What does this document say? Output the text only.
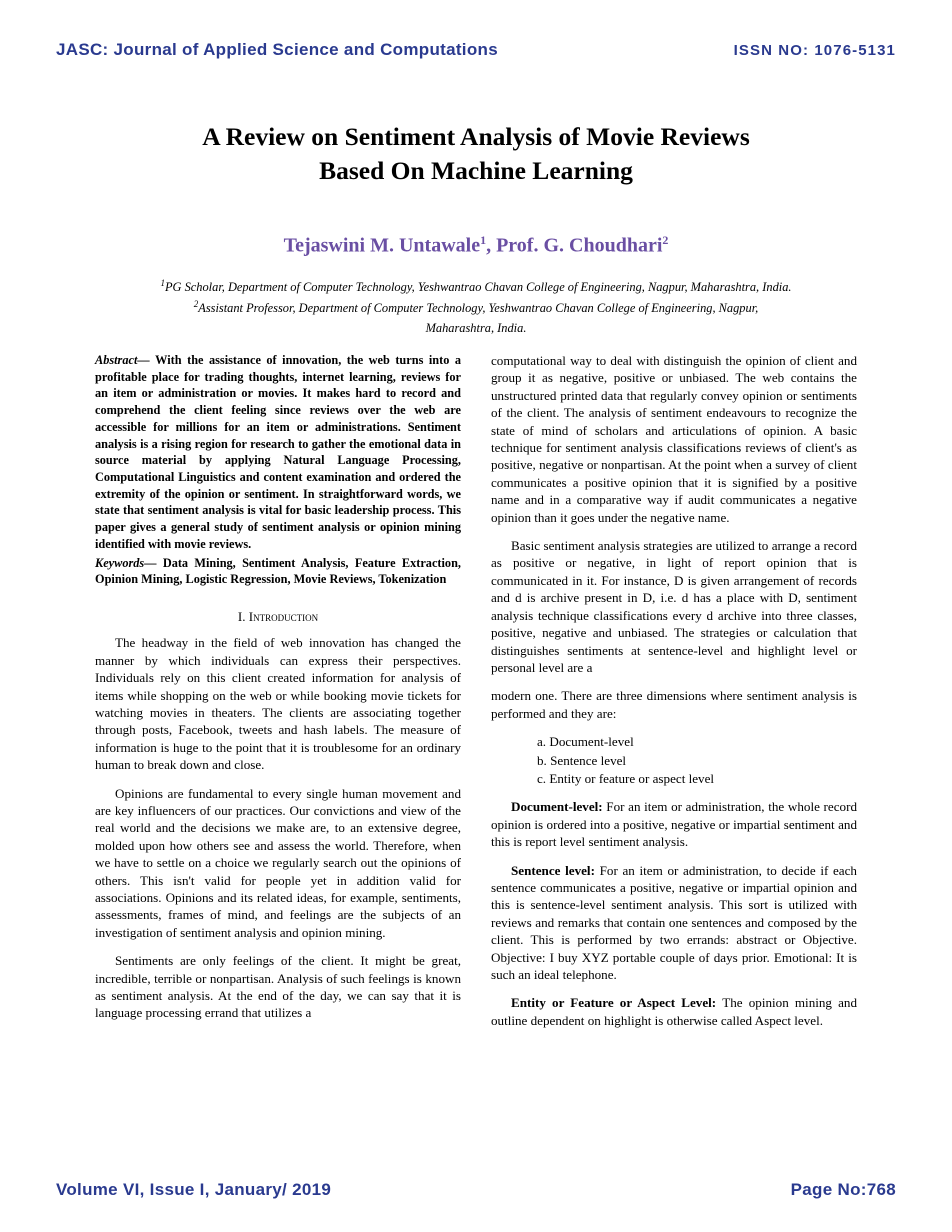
JASC: Journal of Applied Science and Computations	ISSN NO: 1076-5131
A Review on Sentiment Analysis of Movie Reviews
Based On Machine Learning
Tejaswini M. Untawale$^1$, Prof. G. Choudhari$^2$
$^1$PG Scholar, Department of Computer Technology, Yeshwantrao Chavan College of Engineering, Nagpur, Maharashtra, India.
$^2$Assistant Professor, Department of Computer Technology, Yeshwantrao Chavan College of Engineering, Nagpur,
Maharashtra, India.

Abstract— With the assistance of innovation, the web turns into a profitable place for trading thoughts, internet learning, reviews for an item or administration or movies. It makes hard to record and comprehend the client feeling since reviews over the web are accessible for millions for an item or administrations. Sentiment analysis is a rising region for research to gather the emotional data in source material by applying Natural Language Processing, Computational Linguistics and content examination and ordered the extremity of the opinion or sentiment. In straightforward words, we state that sentiment analysis is vital for basic leadership process. This paper gives a general study of sentiment analysis or opinion mining identified with movie reviews.

Keywords— Data Mining, Sentiment Analysis, Feature Extraction, Opinion Mining, Logistic Regression, Movie Reviews, Tokenization

I. Introduction

The headway in the field of web innovation has changed the manner by which individuals can express their perspectives. Individuals rely on this client created information for analysis of items while shopping on the web or while booking movie tickets for watching movies in theaters. The clients are associating together through posts, Facebook, tweets and hash labels. The measure of information is huge to the point that it is troublesome for an ordinary human to break down and close.

Opinions are fundamental to every single human movement and are key influencers of our practices. Our convictions and view of the real world and the decisions we make are, to an extensive degree, molded upon how others see and assess the world. Therefore, when we have to settle on a choice we regularly search out the opinions of others. This isn't valid for people yet in addition valid for associations. Opinions and its related ideas, for example, sentiments, assessments, frames of mind, and feelings are the subjects of an investigation of sentiment analysis and opinion mining.

Sentiments are only feelings of the client. It might be great, incredible, terrible or nonpartisan. Analysis of such feelings is known as sentiment analysis. At the end of the day, we can say that it is language processing errand that utilizes a

computational way to deal with distinguish the opinion of client and group it as negative, positive or unbiased. The web contains the unstructured printed data that regularly convey opinion or sentiments of the client. The analysis of sentiment endeavours to recognize the state of mind of scholars and articulations of opinion. A basic technique for sentiment analysis classifications reviews of client's as positive, negative or nonpartisan. At the point when a survey of client communicates a positive opinion that it is signified by a positive name and in a comparative way if audit communicates a negative opinion than it goes under the negative name.

Basic sentiment analysis strategies are utilized to arrange a record as positive or negative, in light of report opinion that is communicated in it. For instance, D is given arrangement of records and d is archive present in D, i.e. d has a place with D, sentiment analysis technique classifications every d archive into three classes, positive, negative and unbiased. The strategies or calculation that distinguishes sentiments at sentence-level and highlight level or personal level are a

modern one. There are three dimensions where sentiment analysis is performed and they are:

a. Document-level
b. Sentence level
c. Entity or feature or aspect level

Document-level: For an item or administration, the whole record opinion is ordered into a positive, negative or impartial sentiment and this is report level sentiment analysis.

Sentence level: For an item or administration, to decide if each sentence communicates a positive, negative or impartial opinion and this is sentence-level sentiment analysis. This sort is utilized with reviews and remarks that contain one sentences and composed by the client. This is performed by two errands: abstract or Objective. Objective: I buy XYZ portable couple of days prior. Emotional: It is such an ideal telephone.

Entity or Feature or Aspect Level: The opinion mining and outline dependent on highlight is otherwise called Aspect level.

Volume VI, Issue I, January/ 2019	Page No:768
